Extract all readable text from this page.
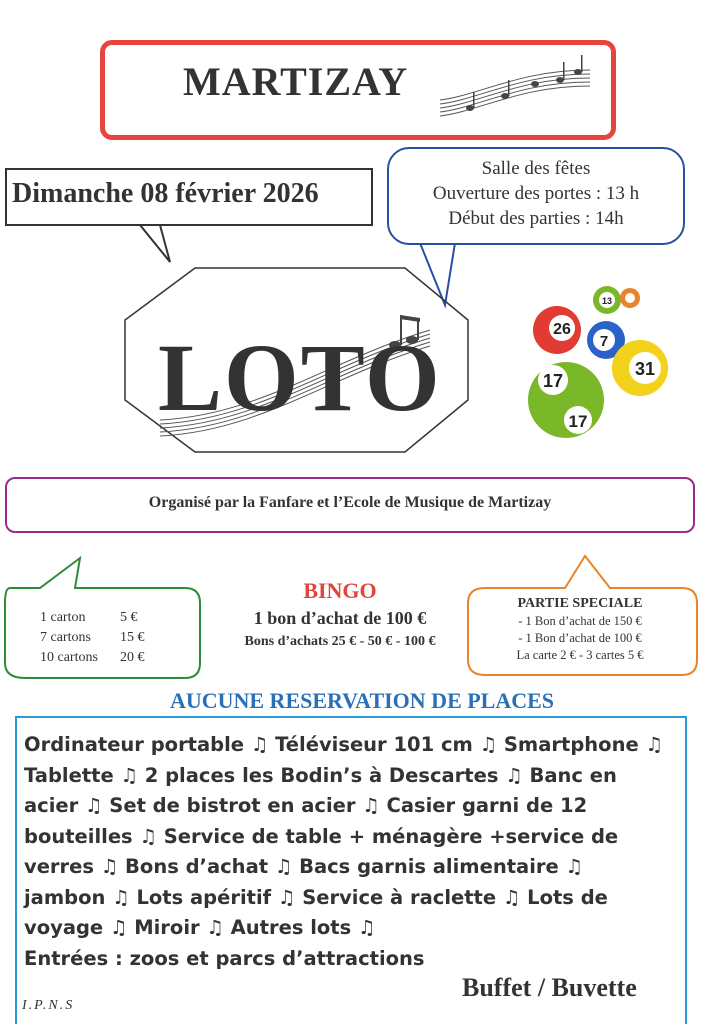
13
26
7
31
17
17
MARTIZAY
Dimanche 08 février 2026
Salle des fêtes
Ouverture des portes : 13 h
Début des parties : 14h
LOTO
Organisé par la Fanfare et l’Ecole de Musique de Martizay
1 carton 5 €
7 cartons 15 €
10 cartons 20 €
BINGO
1 bon d’achat de 100 €
Bons d’achats 25 € - 50 € - 100 €
PARTIE SPECIALE
- 1 Bon d’achat de 150 €
- 1 Bon d’achat de 100 €
La carte 2 € - 3 cartes 5 €
AUCUNE RESERVATION DE PLACES
Ordinateur portable ♫ Téléviseur 101 cm ♫ Smartphone ♫
Tablette ♫ 2 places les Bodin’s à Descartes ♫ Banc en
acier ♫ Set de bistrot en acier ♫ Casier garni de 12
bouteilles ♫ Service de table + ménagère +service de
verres ♫ Bons d’achat ♫ Bacs garnis alimentaire ♫
jambon ♫ Lots apéritif ♫ Service à raclette ♫ Lots de
voyage ♫ Miroir ♫ Autres lots ♫
Entrées : zoos et parcs d’attractions
Buffet / Buvette
I.P.N.S
